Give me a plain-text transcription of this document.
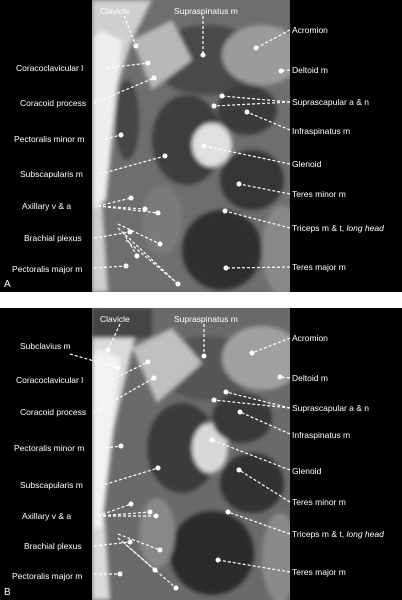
Clavicle	Supraspinatus m
Acromion
Coracoclavicular l	Deltoid m
Coracoid process	Suprascapular a & n
Infraspinatus m
Pectoralis minor m
Glenoid
Subscapularis m
Teres minor m
Axillary v & a
Triceps m & t, long head
Brachial plexus
Teres major m
Pectoralis major m
A
Clavicle	Supraspinatus m
Acromion
Subclavius m
Deltoid m
Coracoclavicular l
Coracoid process	Suprascapular a & n
Infraspinatus m
Pectoralis minor m
Glenoid
Subscapularis m
Teres minor m
Axillary v & a
Triceps m & t, long head
Brachial plexus
Teres major m
Pectoralis major m
B
